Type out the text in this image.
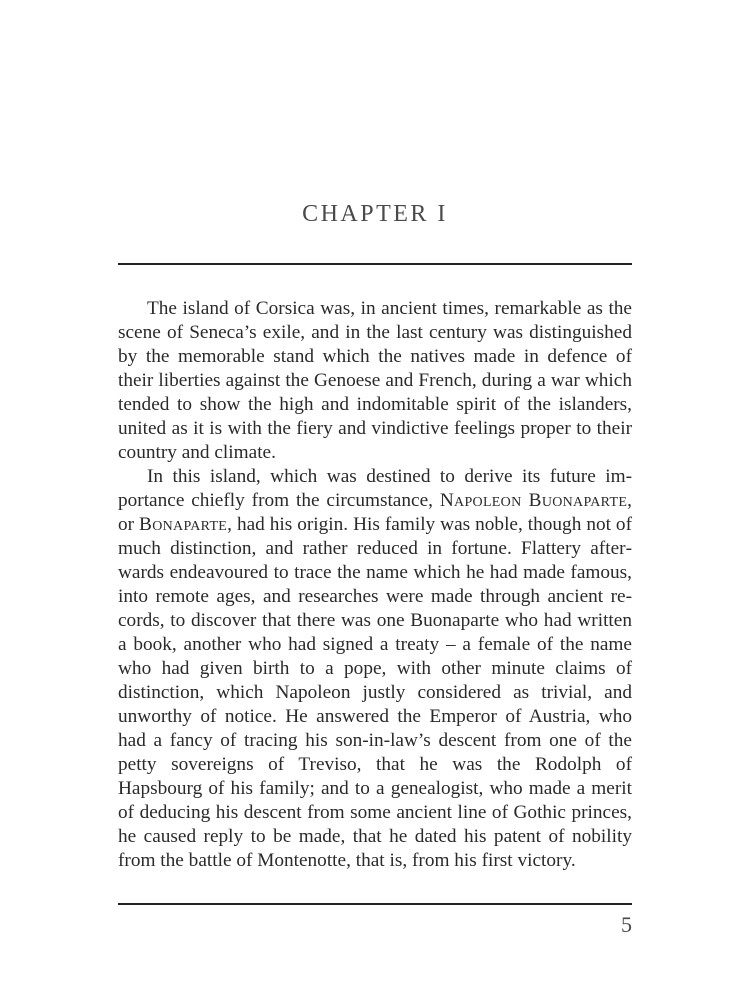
CHAPTER I

The island of Corsica was, in ancient times, remarkable as the scene of Seneca’s exile, and in the last century was distinguished by the memorable stand which the natives made in defence of their liberties against the Genoese and French, during a war which tended to show the high and indomitable spirit of the islanders, united as it is with the fiery and vindictive feelings proper to their country and climate.

In this island, which was destined to derive its future importance chiefly from the circumstance, Napoleon Buonaparte, or Bonaparte, had his origin. His family was noble, though not of much distinction, and rather reduced in fortune. Flattery afterwards endeavoured to trace the name which he had made famous, into remote ages, and researches were made through ancient records, to discover that there was one Buonaparte who had written a book, another who had signed a treaty – a female of the name who had given birth to a pope, with other minute claims of distinction, which Napoleon justly considered as trivial, and unworthy of notice. He answered the Emperor of Austria, who had a fancy of tracing his son-in-law’s descent from one of the petty sovereigns of Treviso, that he was the Rodolph of Hapsbourg of his family; and to a genealogist, who made a merit of deducing his descent from some ancient line of Gothic princes, he caused reply to be made, that he dated his patent of nobility from the battle of Montenotte, that is, from his first victory.

5
